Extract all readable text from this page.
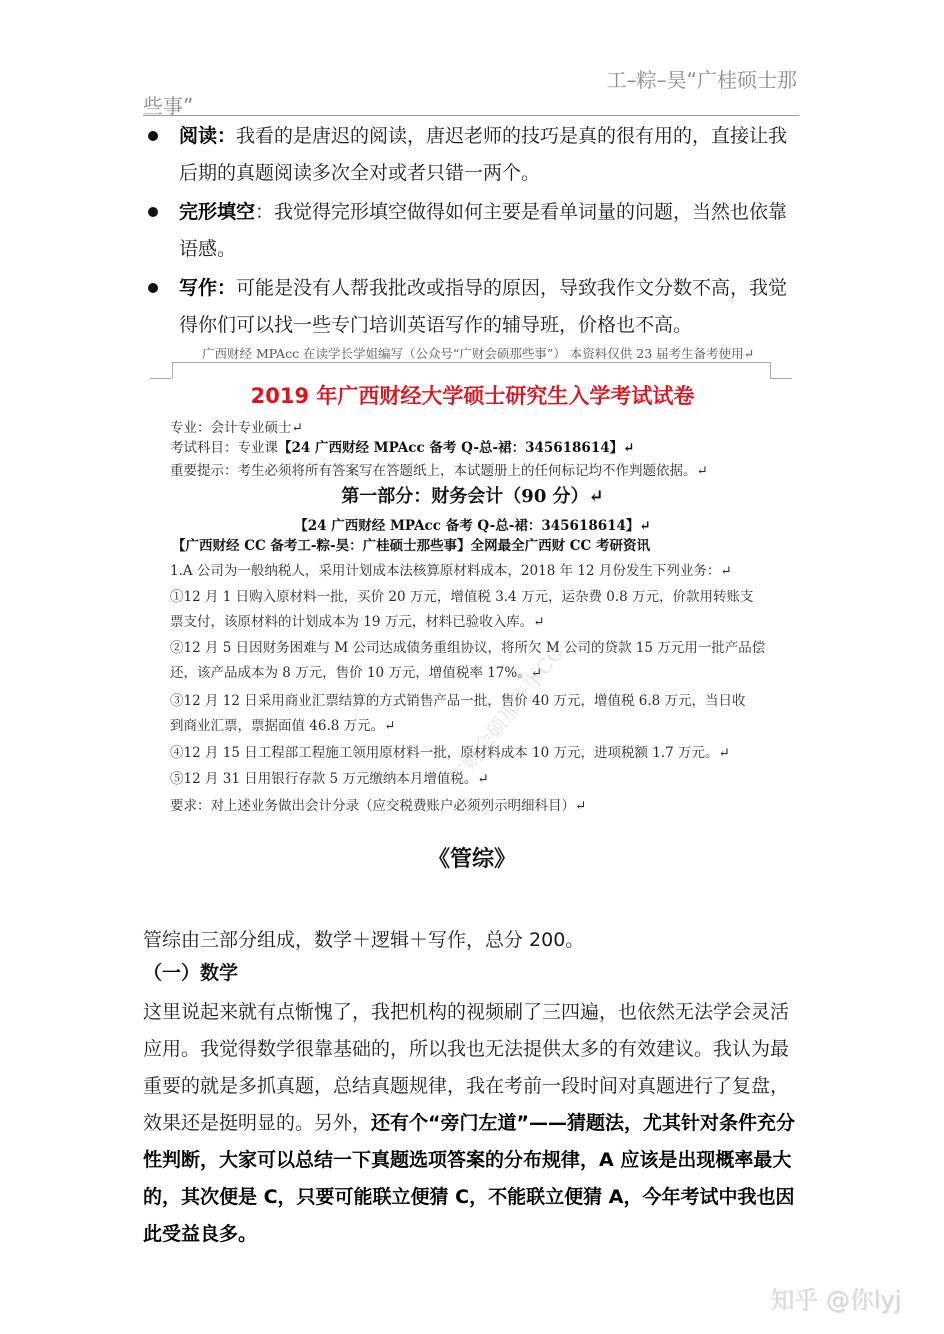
工–粽–昊“广桂硕士那
些事”
阅读：我看的是唐迟的阅读，唐迟老师的技巧是真的很有用的，直接让我后期的真题阅读多次全对或者只错一两个。
完形填空：我觉得完形填空做得如何主要是看单词量的问题，当然也依靠语感。
写作：可能是没有人帮我批改或指导的原因，导致我作文分数不高，我觉得你们可以找一些专门培训英语写作的辅导班，价格也不高。
广西财经 MPAcc 在读学长学姐编写（公众号“广财会硕那些事”） 本资料仅供 23 届考生备考使用↵
2019 年广西财经大学硕士研究生入学考试试卷
专业：会计专业硕士↵
考试科目：专业课【24 广西财经 MPAcc 备考 Q-总-裙：345618614】↵
重要提示：考生必须将所有答案写在答题纸上，本试题册上的任何标记均不作判题依据。↵
第一部分：财务会计（90 分）↵
【24 广西财经 MPAcc 备考 Q-总-裙：345618614】↵
【广西财经 CC 备考工-粽-昊：广桂硕士那些事】全网最全广西财 CC 考研资讯
1.A 公司为一般纳税人，采用计划成本法核算原材料成本，2018 年 12 月份发生下列业务：↵
①12 月 1 日购入原材料一批，买价 20 万元，增值税 3.4 万元，运杂费 0.8 万元，价款用转账支
票支付，该原材料的计划成本为 19 万元，材料已验收入库。↵
②12 月 5 日因财务困难与 M 公司达成债务重组协议，将所欠 M 公司的贷款 15 万元用一批产品偿
还，该产品成本为 8 万元，售价 10 万元，增值税率 17%。↵
③12 月 12 日采用商业汇票结算的方式销售产品一批，售价 40 万元，增值税 6.8 万元，当日收
到商业汇票，票据面值 46.8 万元。↵
④12 月 15 日工程部工程施工领用原材料一批，原材料成本 10 万元，进项税额 1.7 万元。↵
⑤12 月 31 日用银行存款 5 万元缴纳本月增值税。↵
要求：对上述业务做出会计分录（应交税费账户必须列示明细科目）↵
广财会硕那些事CC
《管综》
管综由三部分组成，数学＋逻辑＋写作，总分 200。
（一）数学
这里说起来就有点惭愧了，我把机构的视频刷了三四遍，也依然无法学会灵活应用。我觉得数学很靠基础的，所以我也无法提供太多的有效建议。我认为最重要的就是多抓真题，总结真题规律，我在考前一段时间对真题进行了复盘，效果还是挺明显的。另外，还有个“旁门左道”——猜题法，尤其针对条件充分性判断，大家可以总结一下真题选项答案的分布规律，A 应该是出现概率最大的，其次便是 C，只要可能联立便猜 C，不能联立便猜 A，今年考试中我也因此受益良多。
知乎 @你lyj
